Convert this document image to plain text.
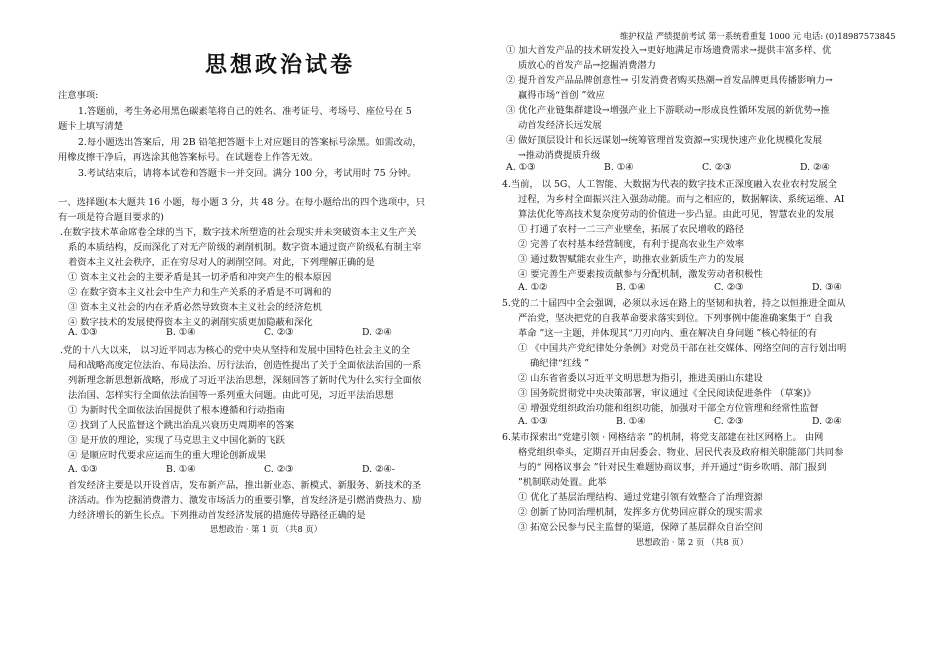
维护权益 严绩提前考试 第一系统看重复 1000 元 电话: (0)18987573845
思想政治试卷
注意事项:
1.答题前，考生务必用黑色碳素笔将自己的姓名、准考证号、考场号、座位号在 5
题卡上填写清楚
2.每小题选出答案后，用 2B 铅笔把答题卡上对应题目的答案标号涂黑。如需改动，
用橡皮擦干净后，再选涂其他答案标号。在试题卷上作答无效。
3.考试结束后，请将本试卷和答题卡一并交回。满分 100 分，考试用时 75 分钟。
一、选择题(本大题共 16 小题，每小题 3 分，共 48 分。在每小题给出的四个选项中，只
有一项是符合题目要求的)
.在数字技术革命席卷全球的当下，数字技术所塑造的社会现实并未突破资本主义生产关
系的本质结构，反而深化了对无产阶级的剥削机制。数字资本通过资产阶级私有制主宰
着资本主义社会秩序，正在穷尽对人的剥削空间。对此，下列理解正确的是
① 资本主义社会的主要矛盾是其一切矛盾和冲突产生的根本原因
② 在数字资本主义社会中生产力和生产关系的矛盾是不可调和的
③ 资本主义社会的内在矛盾必然导致资本主义社会的经济危机
④ 数字技术的发展使得资本主义的剥削实质更加隐蔽和深化
A. ①③	B. ①④	C. ②③	D. ②④
.党的十八大以来， 以习近平同志为核心的党中央从坚持和发展中国特色社会主义的全
局和战略高度定位法治、布局法治、厉行法治，创造性提出了关于全面依法治国的一系
列新理念新思想新战略，形成了习近平法治思想，深刻回答了新时代为什么实行全面依
法治国、怎样实行全面依法治国等一系列重大问题。由此可见，习近平法治思想
① 为新时代全面依法治国提供了根本遵循和行动指南
② 找到了人民监督这个跳出治乱兴衰历史周期率的答案
③ 是开放的理论，实现了马克思主义中国化新的飞跃
④ 是顺应时代要求应运而生的重大理论创新成果
A. ①③	B. ①④	C. ②③	D. ②④-
首发经济主要是以开设首店，发布新产品，推出新业态、新模式、新服务、新技术的圣
济活动。作为挖掘消费潜力、激发市场活力的重要引擎，首发经济是引燃消费热力、励
力经济增长的新生长点。下列推动首发经济发展的措施传导路径正确的是
思想政治 · 第 1 页 （共8 页）
① 加大首发产品的技术研发投入→更好地满足市场遗费需求→提供丰富多样、优
质放心的首发产品→挖掘消费潜力
② 提升首发产品品牌创意性→ 引发消费者购买热潮→首发品牌更具传播影响力→
赢得市场“首创 ”效应
③ 优化产业链集群建设→增强产业上下游联动→形成良性循环发展的新优势→推
动首发经济长远发展
④ 做好顶层设计和长远谋划→统筹管理首发资源→实现快速产业化规模化发展
→推动消费提质升级
A. ①③	B. ①④	C. ②③	D. ②④
4.当前， 以 5G、人工智能、大数据为代表的数字技术正深度融入农业农村发展全
过程，为乡村全面振兴注入强劲动能。而与之相应的，数据解读、系统运维、AI
算法优化等高技术复杂度劳动的价值进一步凸显。由此可见，智慧农业的发展
① 打通了农村一二三产业壁垒，拓展了农民增收的路径
② 完善了农村基本经营制度，有利于提高农业生产效率
③ 通过数智赋能农业生产，助推农业新质生产力的发展
④ 要完善生产要素按贡献参与分配机制，激发劳动者积极性
A. ①②	B. ①④	C. ②③	D. ③④
5.党的二十届四中全会强调，必须以永远在路上的坚韧和执着，持之以恒推进全面从
严治党，坚决把党的自我革命要求落实到位。下列事例中能准确案集于“ 自我
革命 ”这一主题，并体现其“刀刃向内、重在解决自身问题 ”核心特征的有
① 《中国共产党纪律处分条例》对党员干部在社交媒体、网络空间的言行划出明
确纪律“红线 ”
② 山东省省委以习近平文明思想为指引，推进美丽山东建设
③ 国务院贯彻党中央决策部署，审议通过《全民阅读促进条件 （草案)》
④ 增强党组织政治功能和组织功能，加强对干部全方位管理和经常性监督
A. ①③	B. ①④	C. ②③	D. ②④
6.某市探索出“党建引领 · 网格结亲 ”的机制，将党支部建在社区网格上。 由网
格党组织牵头，定期召开由居委会、物业、居民代表及政府相关职能部门共同参
与的“ 网格议事会 ”针对民生难题协商议事，并开通过“街乡吹哨、部门报到
”机制联动处置。此举
① 优化了基层治理结构、通过党建引领有效整合了治理资源
② 创新了协同治理机制，发挥多方优势回应群众的现实需求
③ 拓宽公民参与民主监督的渠道，保障了基层群众自治空间
思想政治 · 第 2 页 （共8 页）
